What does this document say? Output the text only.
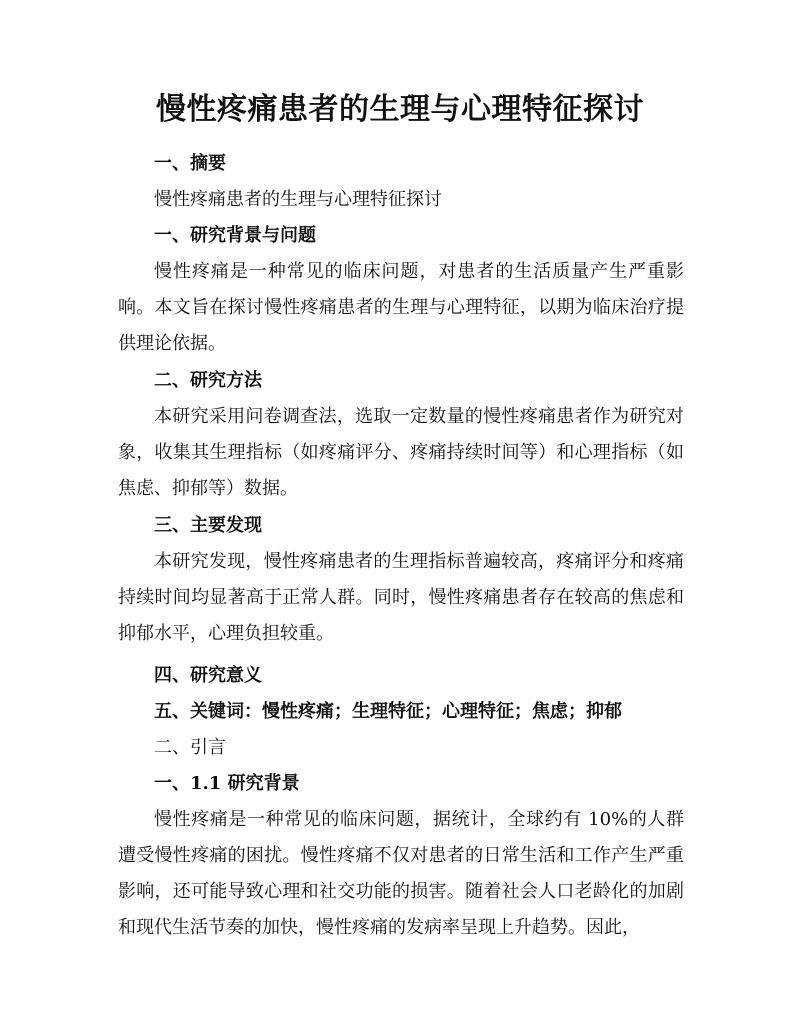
慢性疼痛患者的生理与心理特征探讨

一、摘要

慢性疼痛患者的生理与心理特征探讨

一、研究背景与问题

慢性疼痛是一种常见的临床问题，对患者的生活质量产生严重影响。本文旨在探讨慢性疼痛患者的生理与心理特征，以期为临床治疗提供理论依据。

二、研究方法

本研究采用问卷调查法，选取一定数量的慢性疼痛患者作为研究对象，收集其生理指标（如疼痛评分、疼痛持续时间等）和心理指标（如焦虑、抑郁等）数据。

三、主要发现

本研究发现，慢性疼痛患者的生理指标普遍较高，疼痛评分和疼痛持续时间均显著高于正常人群。同时，慢性疼痛患者存在较高的焦虑和抑郁水平，心理负担较重。

四、研究意义

五、关键词：慢性疼痛；生理特征；心理特征；焦虑；抑郁

二、引言

一、1.1 研究背景

慢性疼痛是一种常见的临床问题，据统计，全球约有 10%的人群遭受慢性疼痛的困扰。慢性疼痛不仅对患者的日常生活和工作产生严重影响，还可能导致心理和社交功能的损害。随着社会人口老龄化的加剧和现代生活节奏的加快，慢性疼痛的发病率呈现上升趋势。因此，
